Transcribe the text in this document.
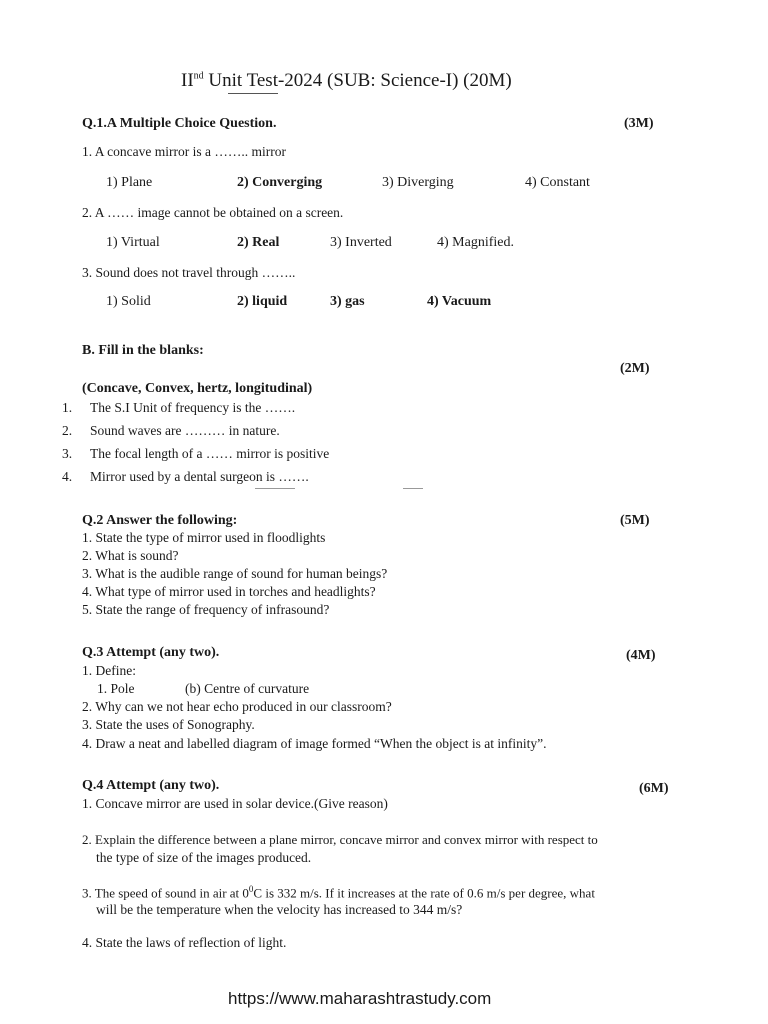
IInd Unit Test-2024 (SUB: Science-I) (20M)
Q.1.A Multiple Choice Question.	(3M)
1. A concave mirror is a …….. mirror
1) Plane	2) Converging	3) Diverging	4) Constant
2. A …… image cannot be obtained on a screen.
1) Virtual	2) Real	3) Inverted	4) Magnified.
3. Sound does not travel through ……..
1) Solid	2) liquid	3) gas	4) Vacuum
B. Fill in the blanks:
(2M)
(Concave, Convex, hertz, longitudinal)
1. The S.I Unit of frequency is the …….
2. Sound waves are ……… in nature.
3. The focal length of a …… mirror is positive
4. Mirror used by a dental surgeon is …….
Q.2 Answer the following:	(5M)
1. State the type of mirror used in floodlights
2. What is sound?
3. What is the audible range of sound for human beings?
4. What type of mirror used in torches and headlights?
5. State the range of frequency of infrasound?
Q.3 Attempt (any two).	(4M)
1. Define:
1. Pole	(b) Centre of curvature
2. Why can we not hear echo produced in our classroom?
3. State the uses of Sonography.
4. Draw a neat and labelled diagram of image formed “When the object is at infinity”.
Q.4 Attempt (any two).	(6M)
1. Concave mirror are used in solar device.(Give reason)
2. Explain the difference between a plane mirror, concave mirror and convex mirror with respect to
the type of size of the images produced.
3. The speed of sound in air at $0^0C$ is 332 m/s. If it increases at the rate of 0.6 m/s per degree, what
will be the temperature when the velocity has increased to 344 m/s?
4. State the laws of reflection of light.
https://www.maharashtrastudy.com
